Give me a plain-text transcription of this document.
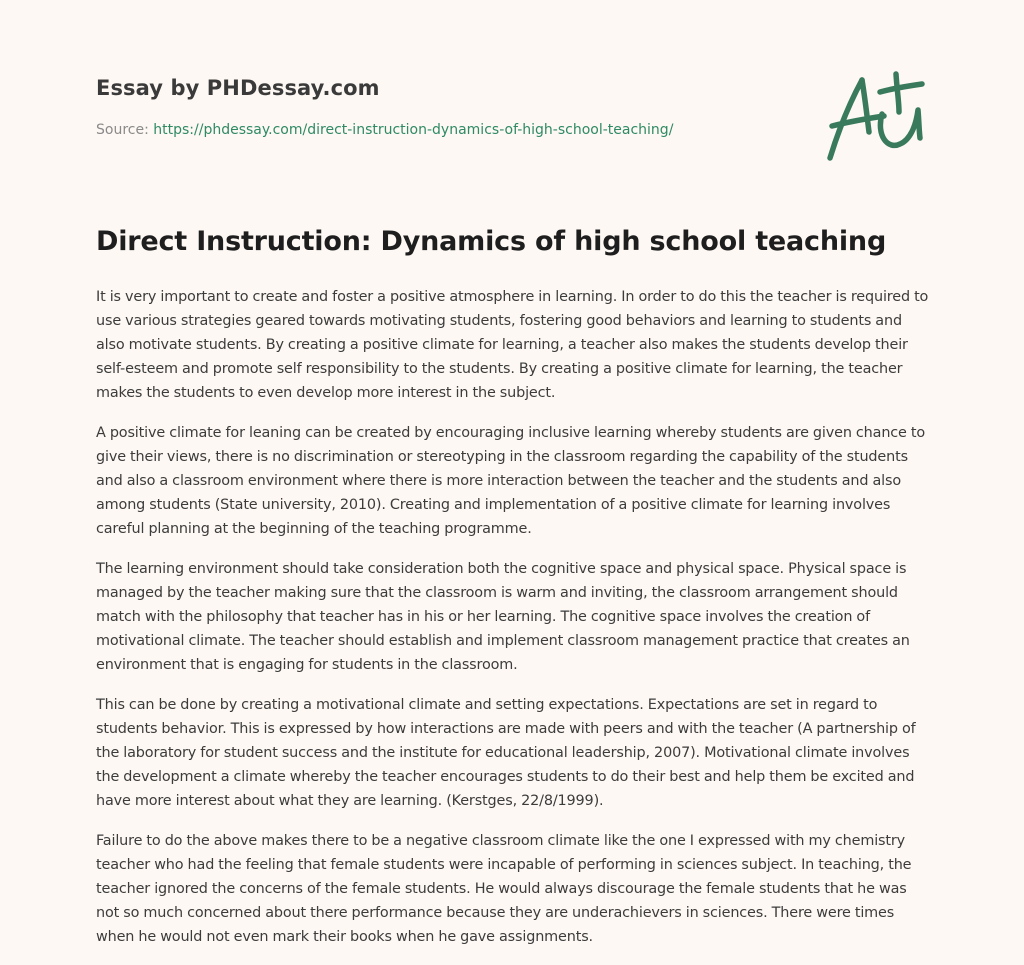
Essay by PHDessay.com
Source: https://phdessay.com/direct-instruction-dynamics-of-high-school-teaching/
Direct Instruction: Dynamics of high school teaching

It is very important to create and foster a positive atmosphere in learning. In order to do this the teacher is required to use various strategies geared towards motivating students, fostering good behaviors and learning to students and also motivate students. By creating a positive climate for learning, a teacher also makes the students develop their self-esteem and promote self responsibility to the students. By creating a positive climate for learning, the teacher makes the students to even develop more interest in the subject.

A positive climate for leaning can be created by encouraging inclusive learning whereby students are given chance to give their views, there is no discrimination or stereotyping in the classroom regarding the capability of the students and also a classroom environment where there is more interaction between the teacher and the students and also among students (State university, 2010). Creating and implementation of a positive climate for learning involves careful planning at the beginning of the teaching programme.

The learning environment should take consideration both the cognitive space and physical space. Physical space is managed by the teacher making sure that the classroom is warm and inviting, the classroom arrangement should match with the philosophy that teacher has in his or her learning. The cognitive space involves the creation of motivational climate. The teacher should establish and implement classroom management practice that creates an environment that is engaging for students in the classroom.

This can be done by creating a motivational climate and setting expectations. Expectations are set in regard to students behavior. This is expressed by how interactions are made with peers and with the teacher (A partnership of the laboratory for student success and the institute for educational leadership, 2007). Motivational climate involves the development a climate whereby the teacher encourages students to do their best and help them be excited and have more interest about what they are learning. (Kerstges, 22/8/1999).

Failure to do the above makes there to be a negative classroom climate like the one I expressed with my chemistry teacher who had the feeling that female students were incapable of performing in sciences subject. In teaching, the teacher ignored the concerns of the female students. He would always discourage the female students that he was not so much concerned about there performance because they are underachievers in sciences. There were times when he would not even mark their books when he gave assignments.
